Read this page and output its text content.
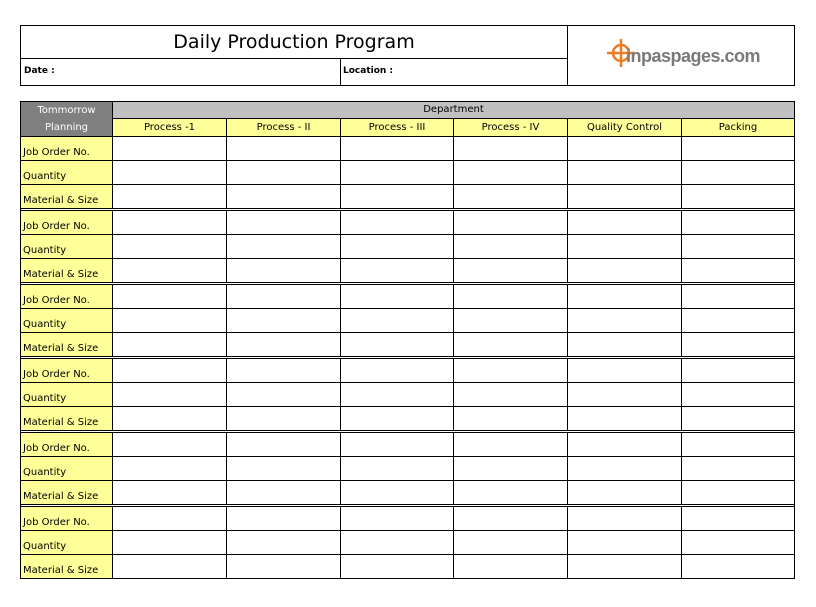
Daily Production Program
Date :	Location :
inpaspages.com
Tommorrow Planning	Department					
	Process -1	Process - II	Process - III	Process - IV	Quality Control	Packing
Job Order No.						
Quantity						
Material & Size						

Job Order No.						
Quantity						
Material & Size						

Job Order No.						
Quantity						
Material & Size						

Job Order No.						
Quantity						
Material & Size						

Job Order No.						
Quantity						
Material & Size						

Job Order No.						
Quantity						
Material & Size						
